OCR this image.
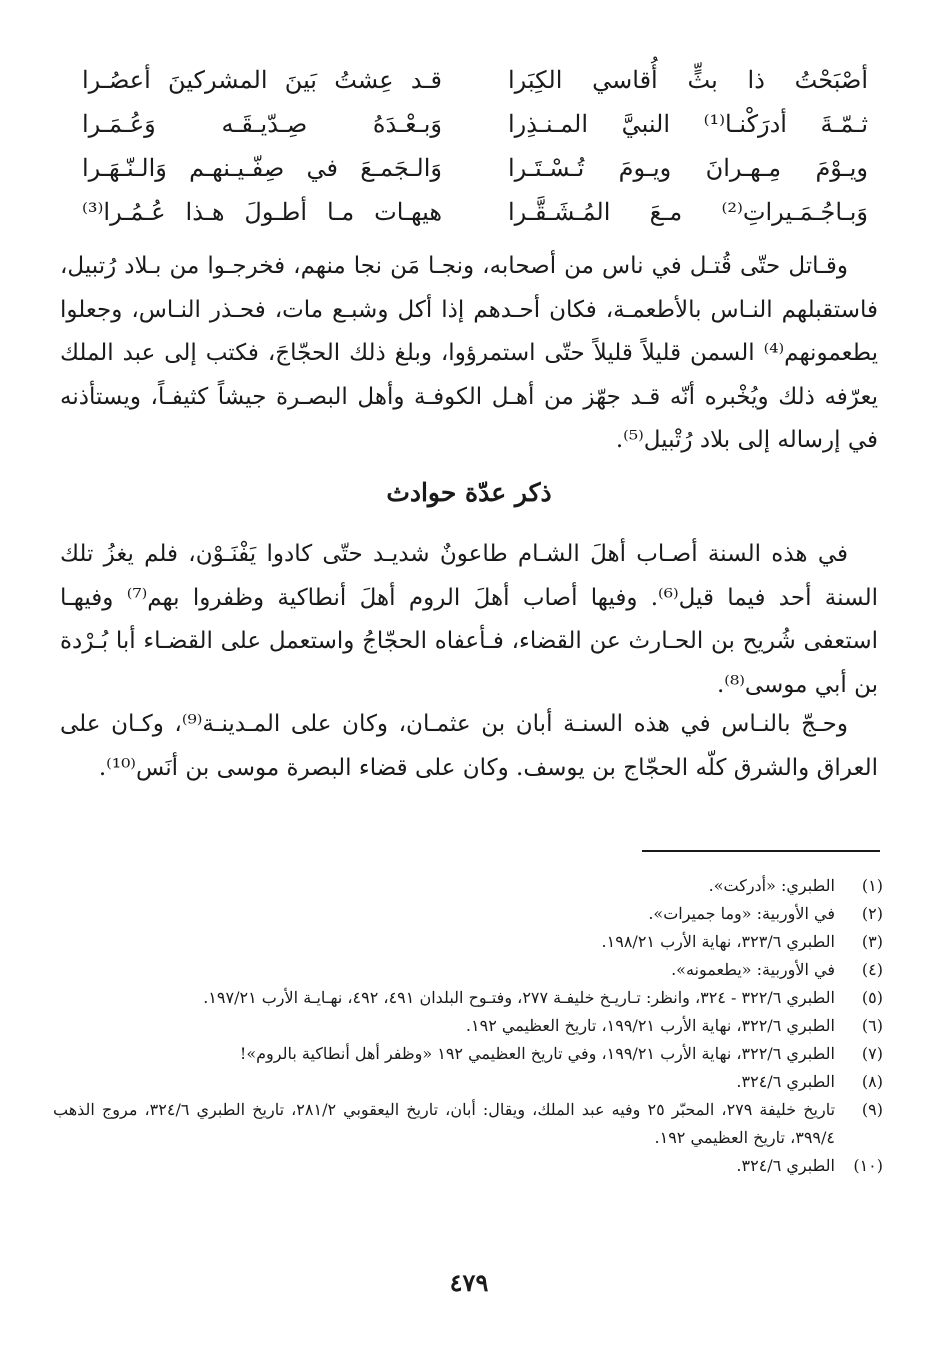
أصْبَحْتُ ذا بثٍّ أُقاسي الكِبَرا
قـد عِشتُ بَينَ المشركينَ أعصُـرا
ثـمّـةَ أدرَكْنـا⁽¹⁾ النبيَّ المـنـذِرا
وَبـعْـدَهُ صِـدّيـقَـه وَعُـمَـرا
ويـوْمَ مِـهـرانَ ويـومَ تُـسْـتَـرا
وَالـجَمـعَ في صِفّـيـنهـم وَالـنّـهَـرا
وَبـاجُـمَـيراتِ⁽²⁾ مـعَ المُـشَـقَّـرا
هيهـات مـا أطـولَ هـذا عُـمُـرا⁽³⁾
وقـاتل حتّى قُتـل في ناس من أصحابه، ونجـا مَن نجا منهم، فخرجـوا من بـلاد رُتبيل، فاستقبلهم النـاس بالأطعمـة، فكان أحـدهم إذا أكل وشبـع مات، فحـذر النـاس، وجعلوا يطعمونهم⁽⁴⁾ السمن قليلاً قليلاً حتّى استمرؤوا، وبلغ ذلك الحجّاجَ، فكتب إلى عبد الملك يعرّفه ذلك ويُخْبره أنّه قـد جهّز من أهـل الكوفـة وأهل البصـرة جيشاً كثيفـاً، ويستأذنه في إرساله إلى بلاد رُتْبيل⁽⁵⁾.
ذكر عدّة حوادث
في هذه السنة أصـاب أهلَ الشـام طاعونٌ شديـد حتّى كادوا يَفْنَـوْن، فلم يغزُ تلك السنة أحد فيما قيل⁽⁶⁾. وفيها أصاب أهلَ الروم أهلَ أنطاكية وظفروا بهم⁽⁷⁾ وفيهـا استعفى شُريح بن الحـارث عن القضاء، فـأعفاه الحجّاجُ واستعمل على القضـاء أبا بُـرْدة بن أبي موسى⁽⁸⁾.
وحـجّ بالنـاس في هذه السنـة أبان بن عثمـان، وكان على المـدينـة⁽⁹⁾، وكـان على العراق والشرق كلّه الحجّاج بن يوسف. وكان على قضاء البصرة موسى بن أنَس⁽¹⁰⁾.
(١)
الطبري: «أدركت».
(٢)
في الأوربية: «وما جميرات».
(٣)
الطبري ٣٢٣/٦، نهاية الأرب ١٩٨/٢١.
(٤)
في الأوربية: «يطعمونه».
(٥)
الطبري ٣٢٢/٦ - ٣٢٤، وانظر: تـاريـخ خليفـة ٢٧٧، وفتـوح البلدان ٤٩١، ٤٩٢، نهـايـة الأرب ١٩٧/٢١.
(٦)
الطبري ٣٢٢/٦، نهاية الأرب ١٩٩/٢١، تاريخ العظيمي ١٩٢.
(٧)
الطبري ٣٢٢/٦، نهاية الأرب ١٩٩/٢١، وفي تاريخ العظيمي ١٩٢ «وظفر أهل أنطاكية بالروم»!
(٨)
الطبري ٣٢٤/٦.
(٩)
تاريخ خليفة ٢٧٩، المحبّر ٢٥ وفيه عبد الملك، ويقال: أبان، تاريخ اليعقوبي ٢٨١/٢، تاريخ الطبري ٣٢٤/٦، مروج الذهب ٣٩٩/٤، تاريخ العظيمي ١٩٢.
(١٠)
الطبري ٣٢٤/٦.
٤٧٩
